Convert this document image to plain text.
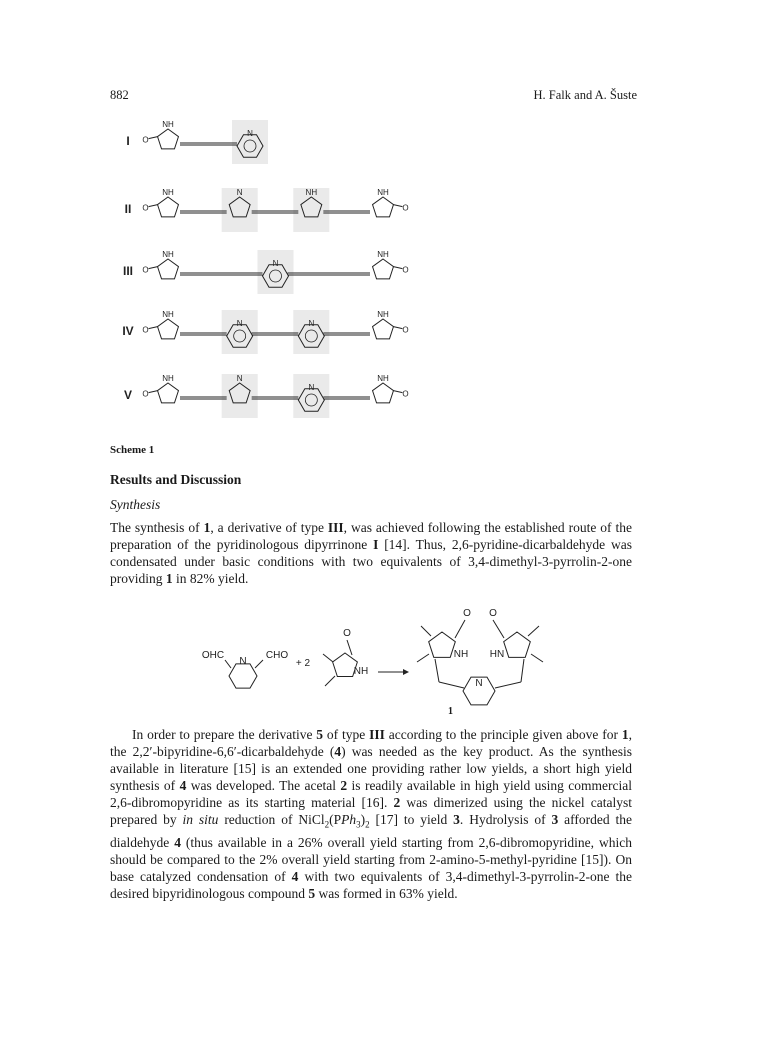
882	H. Falk and A. Šuste
I
NH
O
N
II
NH
O
N	NH	NH
O
III
NH
O
N
NH
O
IV
NH
O
N	N
NH
O
V
NH
O
N
N
NH
O
Scheme 1
Results and Discussion
Synthesis

The synthesis of 1, a derivative of type III, was achieved following the established route of the preparation of the pyridinologous dipyrrinone I [14]. Thus, 2,6-pyridine-dicarbaldehyde was condensated under basic conditions with two equivalents of 3,4-dimethyl-3-pyrrolin-2-one providing 1 in 82% yield.

N
OHC	CHO
+ 2
O
NH
O O
NH HN
N
1

In order to prepare the derivative 5 of type III according to the principle given above for 1, the 2,2′-bipyridine-6,6′-dicarbaldehyde (4) was needed as the key product. As the synthesis available in literature [15] is an extended one providing rather low yields, a short high yield synthesis of 4 was developed. The acetal 2 is readily available in high yield using commercial 2,6-dibromopyridine as its starting material [16]. 2 was dimerized using the nickel catalyst prepared by in situ reduction of $NiCl_2(PPh_3)_2$ [17] to yield 3. Hydrolysis of 3 afforded the dialdehyde 4 (thus available in a 26% overall yield starting from 2,6-dibromopyridine, which should be compared to the 2% overall yield starting from 2-amino-5-methyl-pyridine [15]). On base catalyzed condensation of 4 with two equivalents of 3,4-dimethyl-3-pyrrolin-2-one the desired bipyridinologous compound 5 was formed in 63% yield.
